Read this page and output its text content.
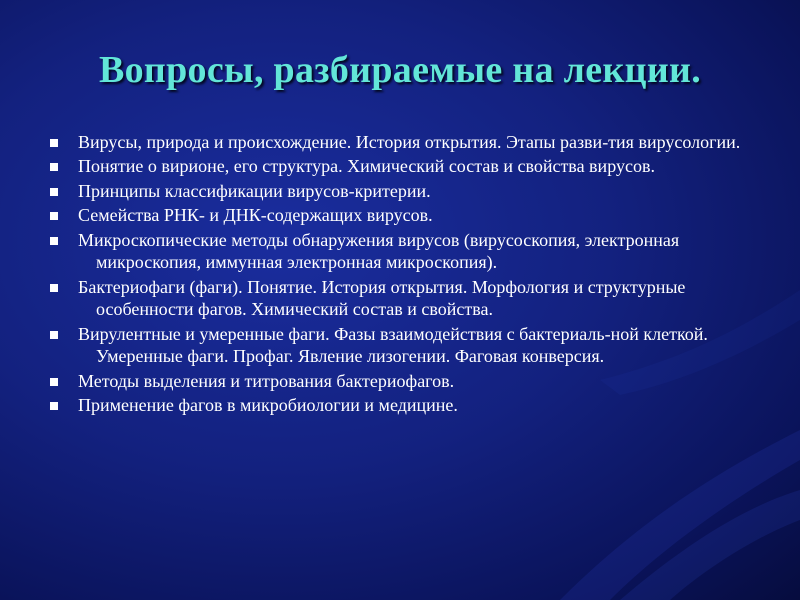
Вопросы, разбираемые на лекции.
Вирусы, природа и происхождение. История открытия. Этапы разви-тия вирусологии.
Понятие о вирионе, его структура. Химический состав и свойства вирусов.
Принципы классификации вирусов-критерии.
Семейства РНК- и ДНК-содержащих вирусов.
Микроскопические методы обнаружения вирусов (вирусоскопия, электронная микроскопия, иммунная электронная микроскопия).
Бактериофаги (фаги). Понятие. История открытия. Морфология и структурные особенности фагов. Химический состав и свойства.
Вирулентные и умеренные фаги. Фазы взаимодействия с бактериаль-ной клеткой. Умеренные фаги. Профаг. Явление лизогении. Фаговая конверсия.
Методы выделения и титрования бактериофагов.
Применение фагов в микробиологии и медицине.
